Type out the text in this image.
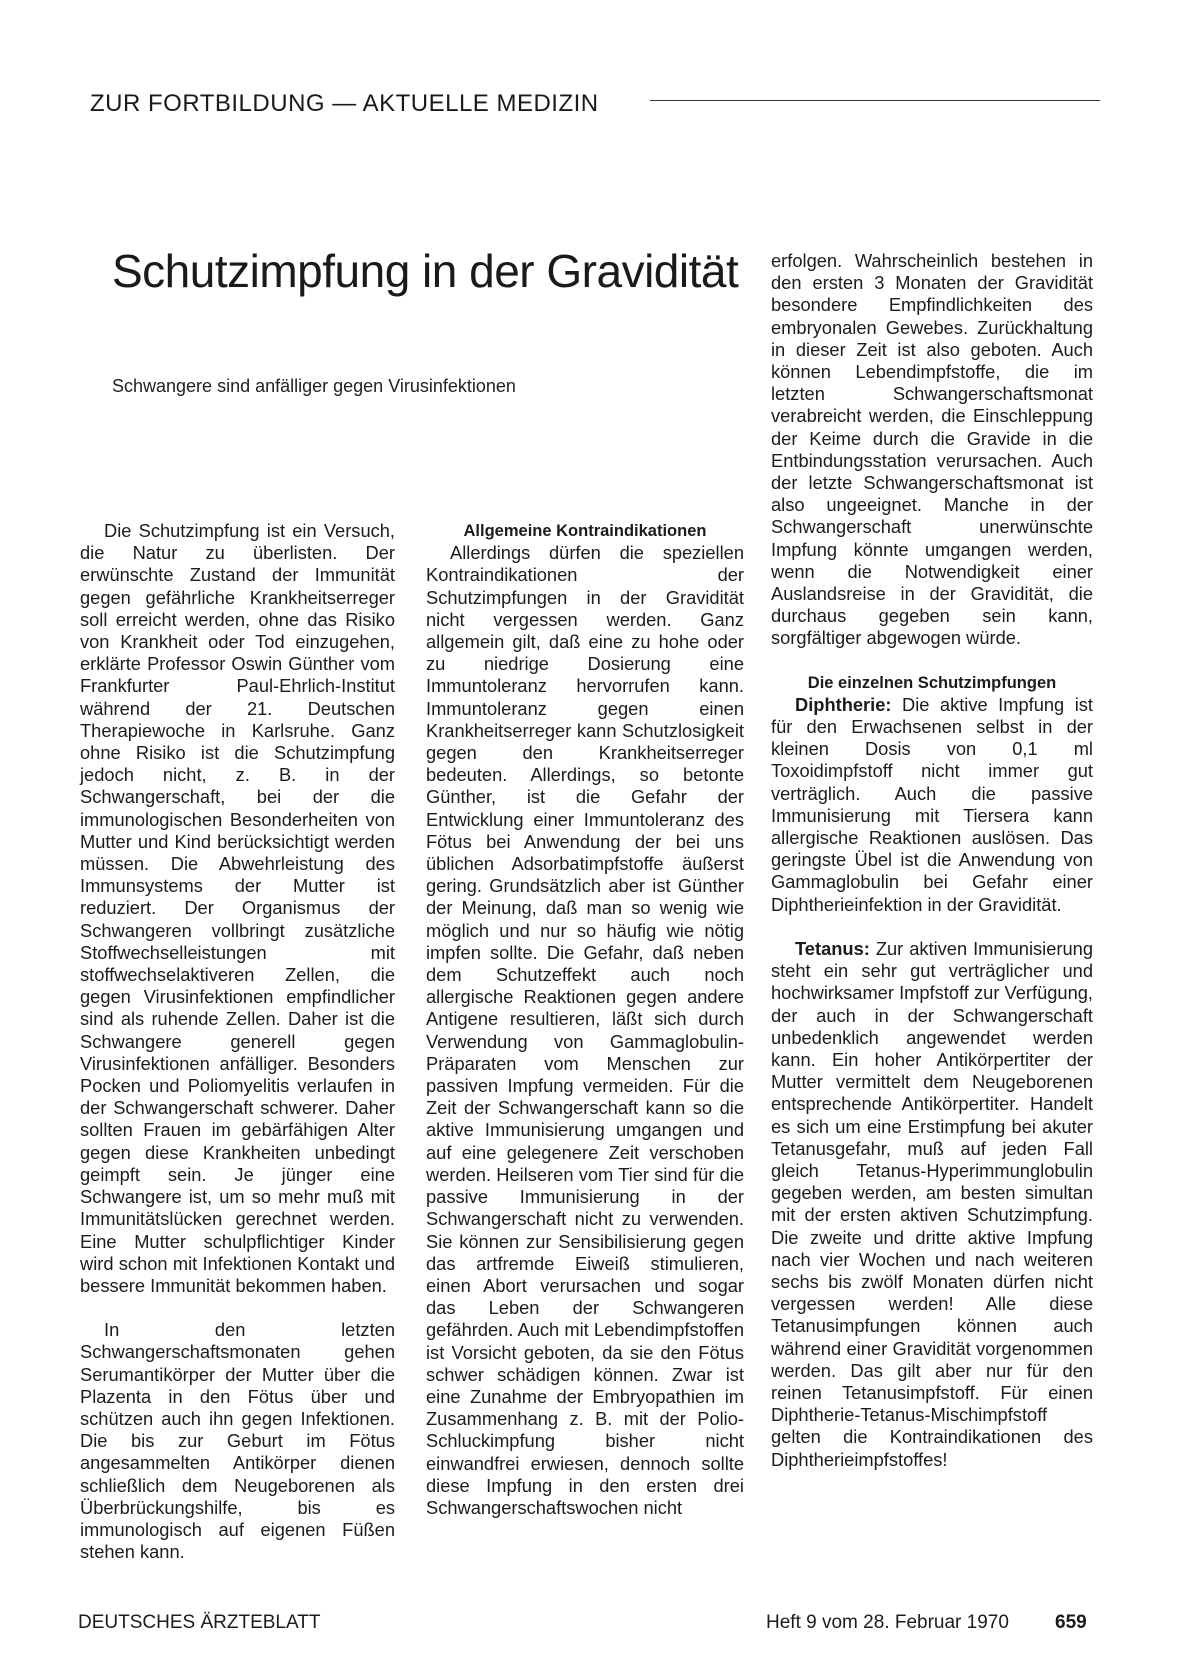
ZUR FORTBILDUNG — AKTUELLE MEDIZIN
Schutzimpfung in der Gravidität
Schwangere sind anfälliger gegen Virusinfektionen

Die Schutzimpfung ist ein Versuch, die Natur zu überlisten. Der erwünschte Zustand der Immunität gegen gefährliche Krankheitserreger soll erreicht werden, ohne das Risiko von Krankheit oder Tod einzugehen, erklärte Professor Oswin Günther vom Frankfurter Paul-Ehrlich-Institut während der 21. Deutschen Therapiewoche in Karlsruhe. Ganz ohne Risiko ist die Schutzimpfung jedoch nicht, z. B. in der Schwangerschaft, bei der die immunologischen Besonderheiten von Mutter und Kind berücksichtigt werden müssen. Die Abwehrleistung des Immunsystems der Mutter ist reduziert. Der Organismus der Schwangeren vollbringt zusätzliche Stoffwechselleistungen mit stoffwechselaktiveren Zellen, die gegen Virusinfektionen empfindlicher sind als ruhende Zellen. Daher ist die Schwangere generell gegen Virusinfektionen anfälliger. Besonders Pocken und Poliomyelitis verlaufen in der Schwangerschaft schwerer. Daher sollten Frauen im gebärfähigen Alter gegen diese Krankheiten unbedingt geimpft sein. Je jünger eine Schwangere ist, um so mehr muß mit Immunitätslücken gerechnet werden. Eine Mutter schulpflichtiger Kinder wird schon mit Infektionen Kontakt und bessere Immunität bekommen haben.

In den letzten Schwangerschaftsmonaten gehen Serumantikörper der Mutter über die Plazenta in den Fötus über und schützen auch ihn gegen Infektionen. Die bis zur Geburt im Fötus angesammelten Antikörper dienen schließlich dem Neugeborenen als Überbrückungshilfe, bis es immunologisch auf eigenen Füßen stehen kann.

Allgemeine Kontraindikationen

Allerdings dürfen die speziellen Kontraindikationen der Schutzimpfungen in der Gravidität nicht vergessen werden. Ganz allgemein gilt, daß eine zu hohe oder zu niedrige Dosierung eine Immuntoleranz hervorrufen kann. Immuntoleranz gegen einen Krankheitserreger kann Schutzlosigkeit gegen den Krankheitserreger bedeuten. Allerdings, so betonte Günther, ist die Gefahr der Entwicklung einer Immuntoleranz des Fötus bei Anwendung der bei uns üblichen Adsorbatimpfstoffe äußerst gering. Grundsätzlich aber ist Günther der Meinung, daß man so wenig wie möglich und nur so häufig wie nötig impfen sollte. Die Gefahr, daß neben dem Schutzeffekt auch noch allergische Reaktionen gegen andere Antigene resultieren, läßt sich durch Verwendung von Gammaglobulin-Präparaten vom Menschen zur passiven Impfung vermeiden. Für die Zeit der Schwangerschaft kann so die aktive Immunisierung umgangen und auf eine gelegenere Zeit verschoben werden. Heilseren vom Tier sind für die passive Immunisierung in der Schwangerschaft nicht zu verwenden. Sie können zur Sensibilisierung gegen das artfremde Eiweiß stimulieren, einen Abort verursachen und sogar das Leben der Schwangeren gefährden. Auch mit Lebendimpfstoffen ist Vorsicht geboten, da sie den Fötus schwer schädigen können. Zwar ist eine Zunahme der Embryopathien im Zusammenhang z. B. mit der Polio-Schluckimpfung bisher nicht einwandfrei erwiesen, dennoch sollte diese Impfung in den ersten drei Schwangerschaftswochen nicht

erfolgen. Wahrscheinlich bestehen in den ersten 3 Monaten der Gravidität besondere Empfindlichkeiten des embryonalen Gewebes. Zurückhaltung in dieser Zeit ist also geboten. Auch können Lebendimpfstoffe, die im letzten Schwangerschaftsmonat verabreicht werden, die Einschleppung der Keime durch die Gravide in die Entbindungsstation verursachen. Auch der letzte Schwangerschaftsmonat ist also ungeeignet. Manche in der Schwangerschaft unerwünschte Impfung könnte umgangen werden, wenn die Notwendigkeit einer Auslandsreise in der Gravidität, die durchaus gegeben sein kann, sorgfältiger abgewogen würde.

Die einzelnen Schutzimpfungen

Diphtherie: Die aktive Impfung ist für den Erwachsenen selbst in der kleinen Dosis von 0,1 ml Toxoidimpfstoff nicht immer gut verträglich. Auch die passive Immunisierung mit Tiersera kann allergische Reaktionen auslösen. Das geringste Übel ist die Anwendung von Gammaglobulin bei Gefahr einer Diphtherieinfektion in der Gravidität.

Tetanus: Zur aktiven Immunisierung steht ein sehr gut verträglicher und hochwirksamer Impfstoff zur Verfügung, der auch in der Schwangerschaft unbedenklich angewendet werden kann. Ein hoher Antikörpertiter der Mutter vermittelt dem Neugeborenen entsprechende Antikörpertiter. Handelt es sich um eine Erstimpfung bei akuter Tetanusgefahr, muß auf jeden Fall gleich Tetanus-Hyperimmunglobulin gegeben werden, am besten simultan mit der ersten aktiven Schutzimpfung. Die zweite und dritte aktive Impfung nach vier Wochen und nach weiteren sechs bis zwölf Monaten dürfen nicht vergessen werden! Alle diese Tetanusimpfungen können auch während einer Gravidität vorgenommen werden. Das gilt aber nur für den reinen Tetanusimpfstoff. Für einen Diphtherie-Tetanus-Mischimpfstoff gelten die Kontraindikationen des Diphtherieimpfstoffes!

DEUTSCHES ÄRZTEBLATT	Heft 9 vom 28. Februar 1970 659
